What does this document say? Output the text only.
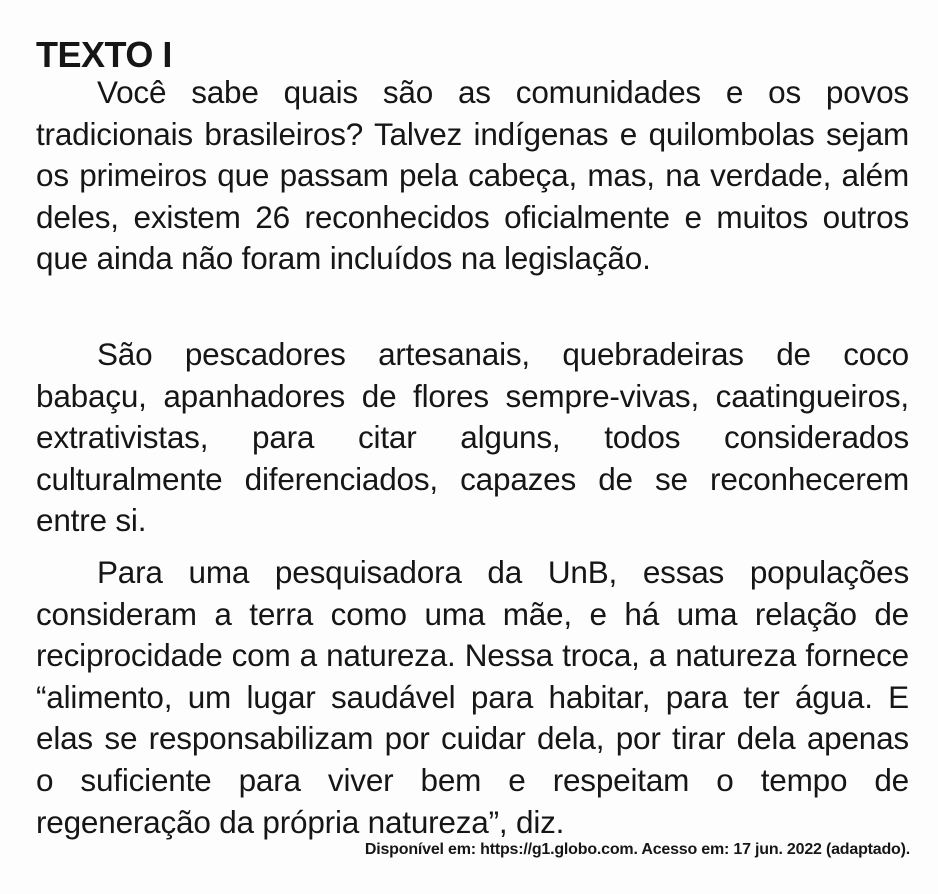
TEXTO I

Você sabe quais são as comunidades e os povos tradicionais brasileiros? Talvez indígenas e quilombolas sejam os primeiros que passam pela cabeça, mas, na verdade, além deles, existem 26 reconhecidos oficialmente e muitos outros que ainda não foram incluídos na legislação.

São pescadores artesanais, quebradeiras de coco babaçu, apanhadores de flores sempre-vivas, caatingueiros, extrativistas, para citar alguns, todos considerados culturalmente diferenciados, capazes de se reconhecerem entre si.

Para uma pesquisadora da UnB, essas populações consideram a terra como uma mãe, e há uma relação de reciprocidade com a natureza. Nessa troca, a natureza fornece “alimento, um lugar saudável para habitar, para ter água. E elas se responsabilizam por cuidar dela, por tirar dela apenas o suficiente para viver bem e respeitam o tempo de regeneração da própria natureza”, diz.

Disponível em: https://g1.globo.com. Acesso em: 17 jun. 2022 (adaptado).
